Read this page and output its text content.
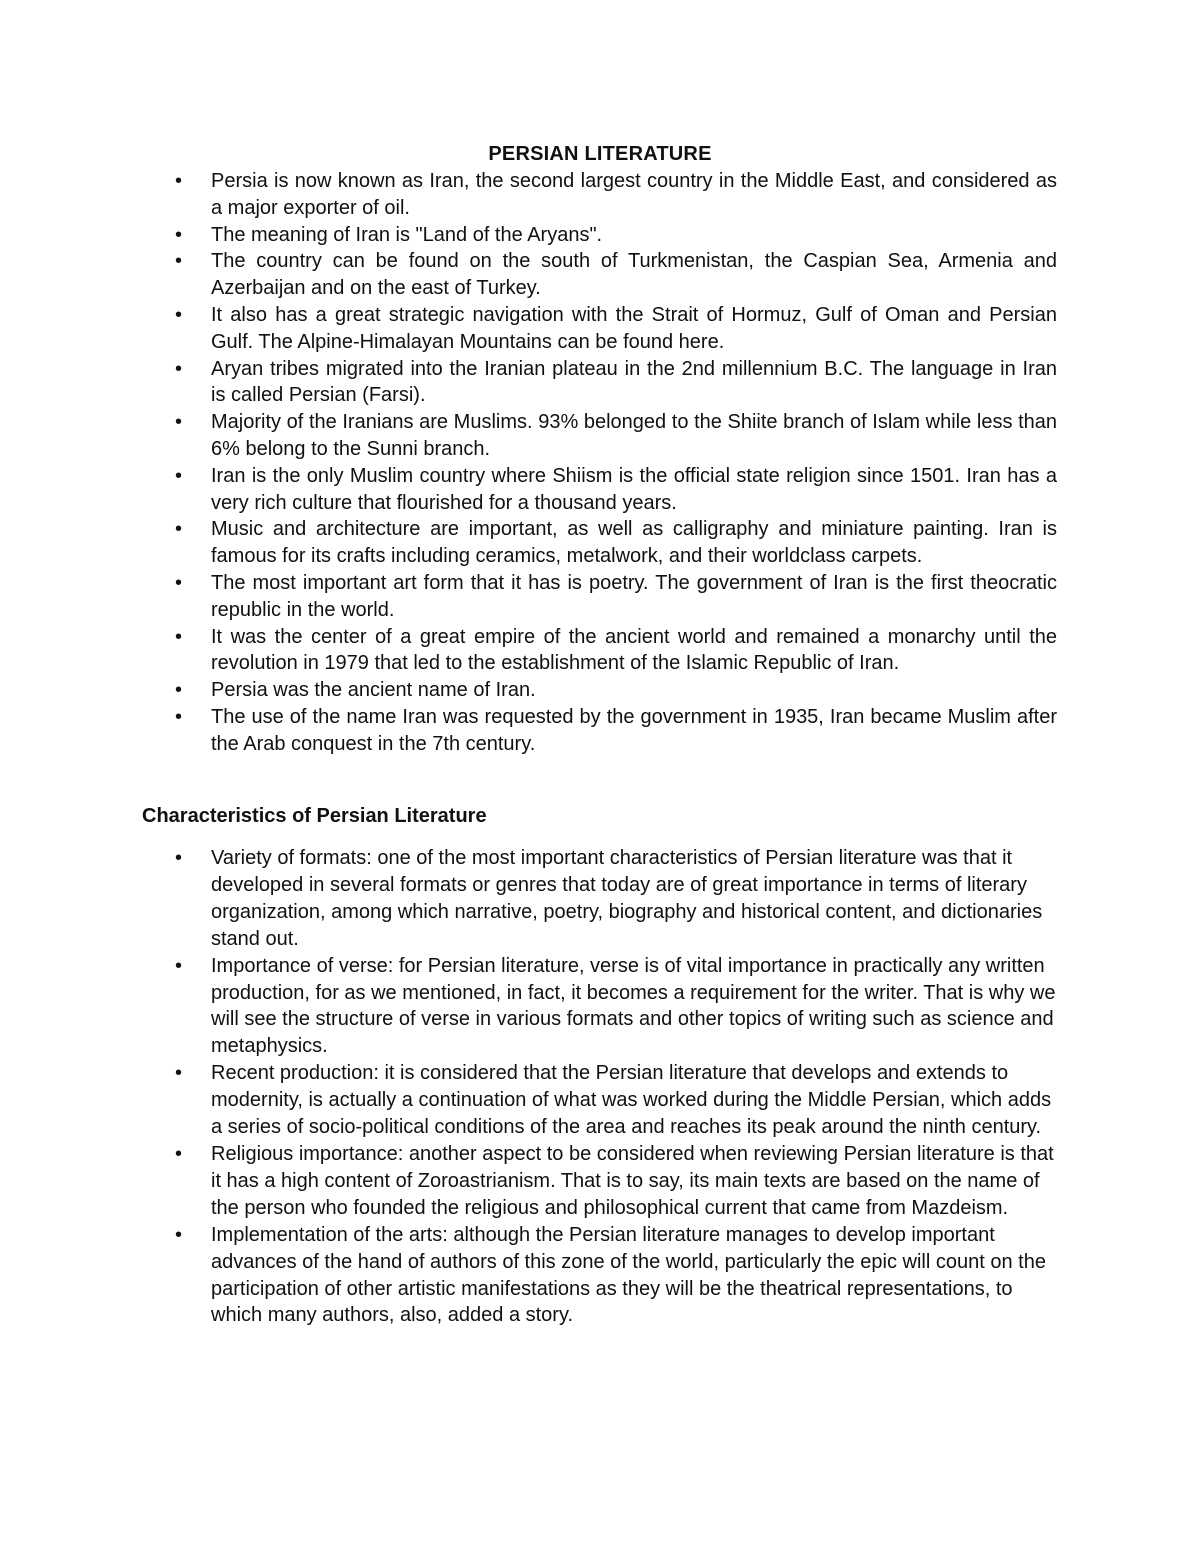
PERSIAN LITERATURE
• Persia is now known as Iran, the second largest country in the Middle East, and considered as a major exporter of oil.
• The meaning of Iran is "Land of the Aryans".
• The country can be found on the south of Turkmenistan, the Caspian Sea, Armenia and Azerbaijan and on the east of Turkey.
• It also has a great strategic navigation with the Strait of Hormuz, Gulf of Oman and Persian Gulf. The Alpine-Himalayan Mountains can be found here.
• Aryan tribes migrated into the Iranian plateau in the 2nd millennium B.C. The language in Iran is called Persian (Farsi).
• Majority of the Iranians are Muslims. 93% belonged to the Shiite branch of Islam while less than 6% belong to the Sunni branch.
• Iran is the only Muslim country where Shiism is the official state religion since 1501. Iran has a very rich culture that flourished for a thousand years.
• Music and architecture are important, as well as calligraphy and miniature painting. Iran is famous for its crafts including ceramics, metalwork, and their worldclass carpets.
• The most important art form that it has is poetry. The government of Iran is the first theocratic republic in the world.
• It was the center of a great empire of the ancient world and remained a monarchy until the revolution in 1979 that led to the establishment of the Islamic Republic of Iran.
• Persia was the ancient name of Iran.
• The use of the name Iran was requested by the government in 1935, Iran became Muslim after the Arab conquest in the 7th century.
Characteristics of Persian Literature
• Variety of formats: one of the most important characteristics of Persian literature was that it developed in several formats or genres that today are of great importance in terms of literary organization, among which narrative, poetry, biography and historical content, and dictionaries stand out.
• Importance of verse: for Persian literature, verse is of vital importance in practically any written production, for as we mentioned, in fact, it becomes a requirement for the writer. That is why we will see the structure of verse in various formats and other topics of writing such as science and metaphysics.
• Recent production: it is considered that the Persian literature that develops and extends to modernity, is actually a continuation of what was worked during the Middle Persian, which adds a series of socio-political conditions of the area and reaches its peak around the ninth century.
• Religious importance: another aspect to be considered when reviewing Persian literature is that it has a high content of Zoroastrianism. That is to say, its main texts are based on the name of the person who founded the religious and philosophical current that came from Mazdeism.
• Implementation of the arts: although the Persian literature manages to develop important advances of the hand of authors of this zone of the world, particularly the epic will count on the participation of other artistic manifestations as they will be the theatrical representations, to which many authors, also, added a story.
